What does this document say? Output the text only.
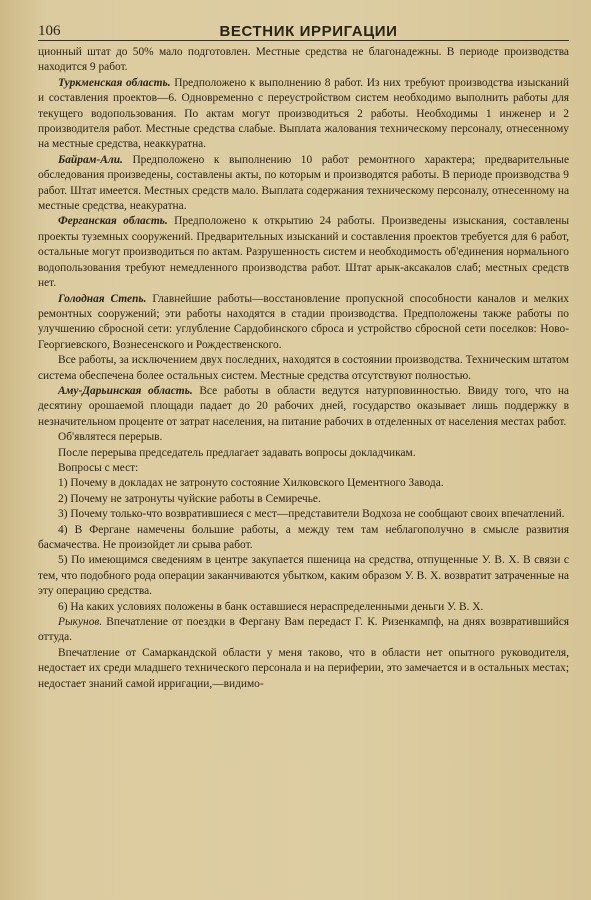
106	ВЕСТНИК ИРРИГАЦИИ

ционный штат до 50% мало подготовлен. Местные средства не благонадежны. В периоде производства находится 9 работ.

Туркменская область. Предположено к выполнению 8 работ. Из них требуют производства изысканий и составления проектов—6. Одновременно с переустройством систем необходимо выполнить работы для текущего водопользования. По актам могут производиться 2 работы. Необходимы 1 инженер и 2 производителя работ. Местные средства слабые. Выплата жалования техническому персоналу, отнесенному на местные средства, неаккуратна.

Байрам-Али. Предположено к выполнению 10 работ ремонтного характера; предварительные обследования произведены, составлены акты, по которым и производятся работы. В периоде производства 9 работ. Штат имеется. Местных средств мало. Выплата содержания техническому персоналу, отнесенному на местные средства, неакуратна.

Ферганская область. Предположено к открытию 24 работы. Произведены изыскания, составлены проекты туземных сооружений. Предварительных изысканий и составления проектов требуется для 6 работ, остальные могут производиться по актам. Разрушенность систем и необходимость об'единения нормального водопользования требуют немедленного производства работ. Штат арык-аксакалов слаб; местных средств нет.

Голодная Степь. Главнейшие работы—восстановление пропускной способности каналов и мелких ремонтных сооружений; эти работы находятся в стадии производства. Предположены также работы по улучшению сбросной сети: углубление Сардобинского сброса и устройство сбросной сети поселков: Ново-Георгиевского, Вознесенского и Рождественского.

Все работы, за исключением двух последних, находятся в состоянии производства. Техническим штатом система обеспечена более остальных систем. Местные средства отсутствуют полностью.

Аму-Дарьинская область. Все работы в области ведутся натурповинностью. Ввиду того, что на десятину орошаемой площади падает до 20 рабочих дней, государство оказывает лишь поддержку в незначительном проценте от затрат населения, на питание рабочих в отделенных от населения местах работ.

Об'являтеся перерыв.

После перерыва председатель предлагает задавать вопросы докладчикам.

Вопросы с мест:

1) Почему в докладах не затронуто состояние Хилковского Цементного Завода.

2) Почему не затронуты чуйские работы в Семиречье.

3) Почему только-что возвратившиеся с мест—представители Водхоза не сообщают своих впечатлений.

4) В Фергане намечены большие работы, а между тем там неблагополучно в смысле развития басмачества. Не произойдет ли срыва работ.

5) По имеющимся сведениям в центре закупается пшеница на средства, отпущенные У. В. Х. В связи с тем, что подобного рода операции заканчиваются убытком, каким образом У. В. Х. возвратит затраченные на эту операцию средства.

6) На каких условиях положены в банк оставшиеся нераспределенными деньги У. В. Х.

Рыкунов. Впечатление от поездки в Фергану Вам передаст Г. К. Ризенкампф, на днях возвратившийся оттуда.

Впечатление от Самаркандской области у меня таково, что в области нет опытного руководителя, недостает их среди младшего технического персонала и на периферии, это замечается и в остальных местах; недостает знаний самой ирригации,—видимо-
